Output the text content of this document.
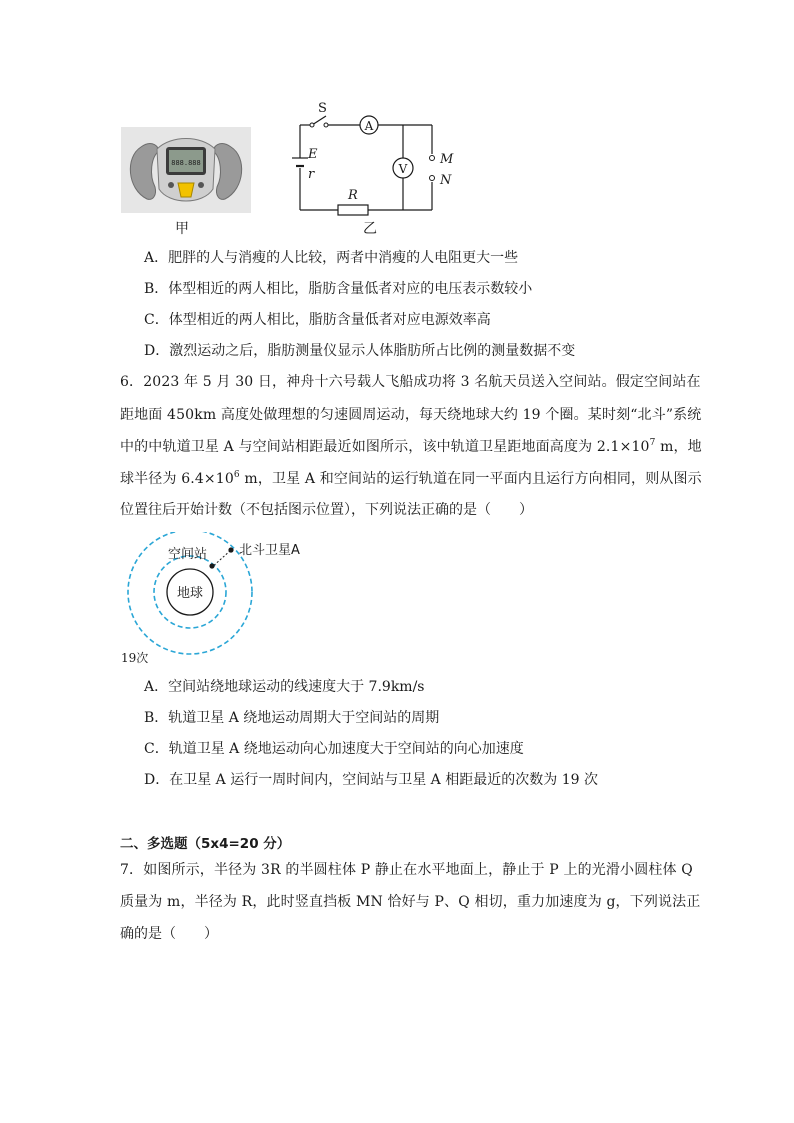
888.888
甲
S
A
V
E
r
R
M
N
乙
A．肥胖的人与消瘦的人比较，两者中消瘦的人电阻更大一些
B．体型相近的两人相比，脂肪含量低者对应的电压表示数较小
C．体型相近的两人相比，脂肪含量低者对应电源效率高
D．激烈运动之后，脂肪测量仪显示人体脂肪所占比例的测量数据不变
6．2023 年 5 月 30 日，神舟十六号载人飞船成功将 3 名航天员送入空间站。假定空间站在
距地面 450km 高度处做理想的匀速圆周运动，每天绕地球大约 19 个圈。某时刻“北斗”系统
中的中轨道卫星 A 与空间站相距最近如图所示，该中轨道卫星距地面高度为 $2.1\times 10^7$ m，地
球半径为 $6.4\times 10^6$ m，卫星 A 和空间站的运行轨道在同一平面内且运行方向相同，则从图示
位置往后开始计数（不包括图示位置），下列说法正确的是（　　）
空间站 北斗卫星A
地球
19次
A．空间站绕地球运动的线速度大于 7.9km/s
B．轨道卫星 A 绕地运动周期大于空间站的周期
C．轨道卫星 A 绕地运动向心加速度大于空间站的向心加速度
D．在卫星 A 运行一周时间内，空间站与卫星 A 相距最近的次数为 19 次
二、多选题（5x4=20 分）
7．如图所示，半径为 3R 的半圆柱体 P 静止在水平地面上，静止于 P 上的光滑小圆柱体 Q
质量为 m，半径为 R，此时竖直挡板 MN 恰好与 P、Q 相切，重力加速度为 g，下列说法正
确的是（　　）
